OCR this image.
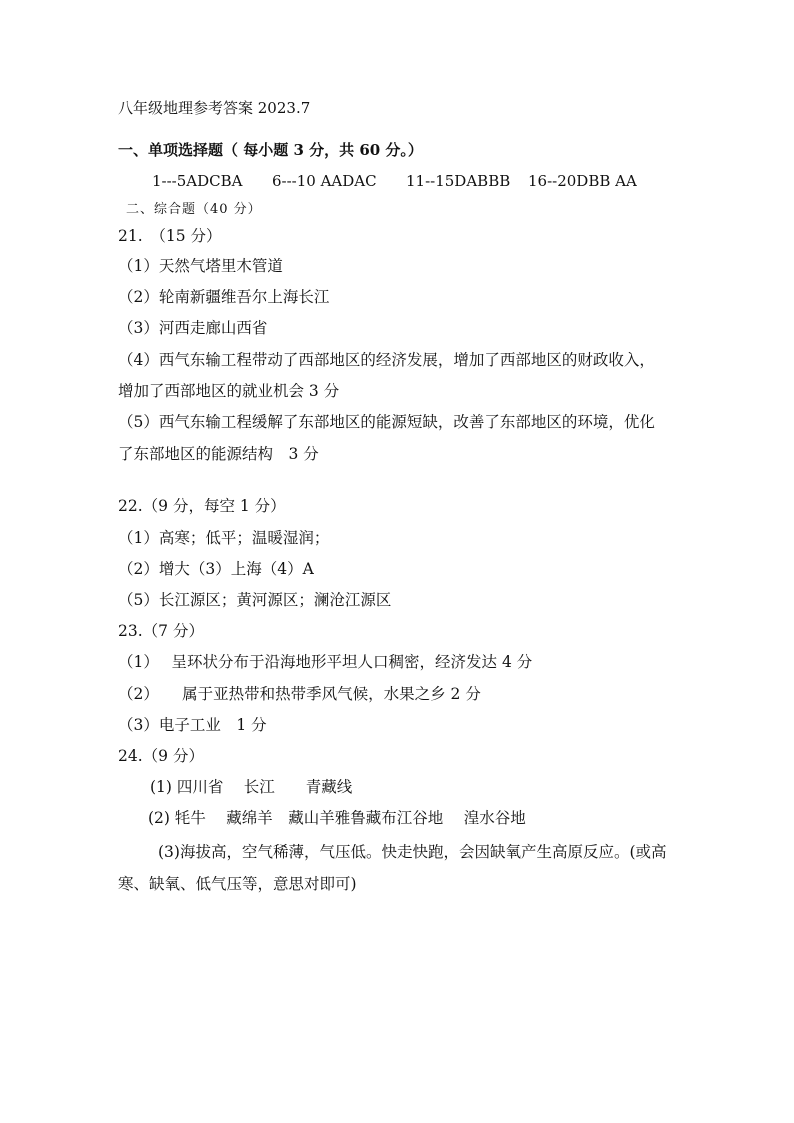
八年级地理参考答案 2023.7
一、单项选择题（ 每小题 3 分，共 60 分。）
1---5ADCBA 6---10 AADAC 11--15DABBB 16--20DBB AA
二、综合题（40 分）
21.　（15 分）
（1）天然气塔里木管道
（2）轮南新疆维吾尔上海长江
（3）河西走廊山西省
（4）西气东输工程带动了西部地区的经济发展，增加了西部地区的财政收入，
增加了西部地区的就业机会 3 分
（5）西气东输工程缓解了东部地区的能源短缺，改善了东部地区的环境，优化
了东部地区的能源结构　3 分
22.（9 分，每空 1 分）
（1）高寒；低平；温暖湿润；
（2）增大（3）上海（4）A
（5）长江源区；黄河源区；澜沧江源区
23.（7 分）
（1）　 呈环状分布于沿海地形平坦人口稠密，经济发达 4 分
（2）　　属于亚热带和热带季风气候，水果之乡 2 分
（3）电子工业　1 分
24.（9 分）
(1) 四川省　 长江　　青藏线
(2) 牦牛　 藏绵羊　藏山羊雅鲁藏布江谷地　 湟水谷地
(3)海拔高，空气稀薄，气压低。快走快跑，会因缺氧产生高原反应。(或高
寒、缺氧、低气压等，意思对即可)
